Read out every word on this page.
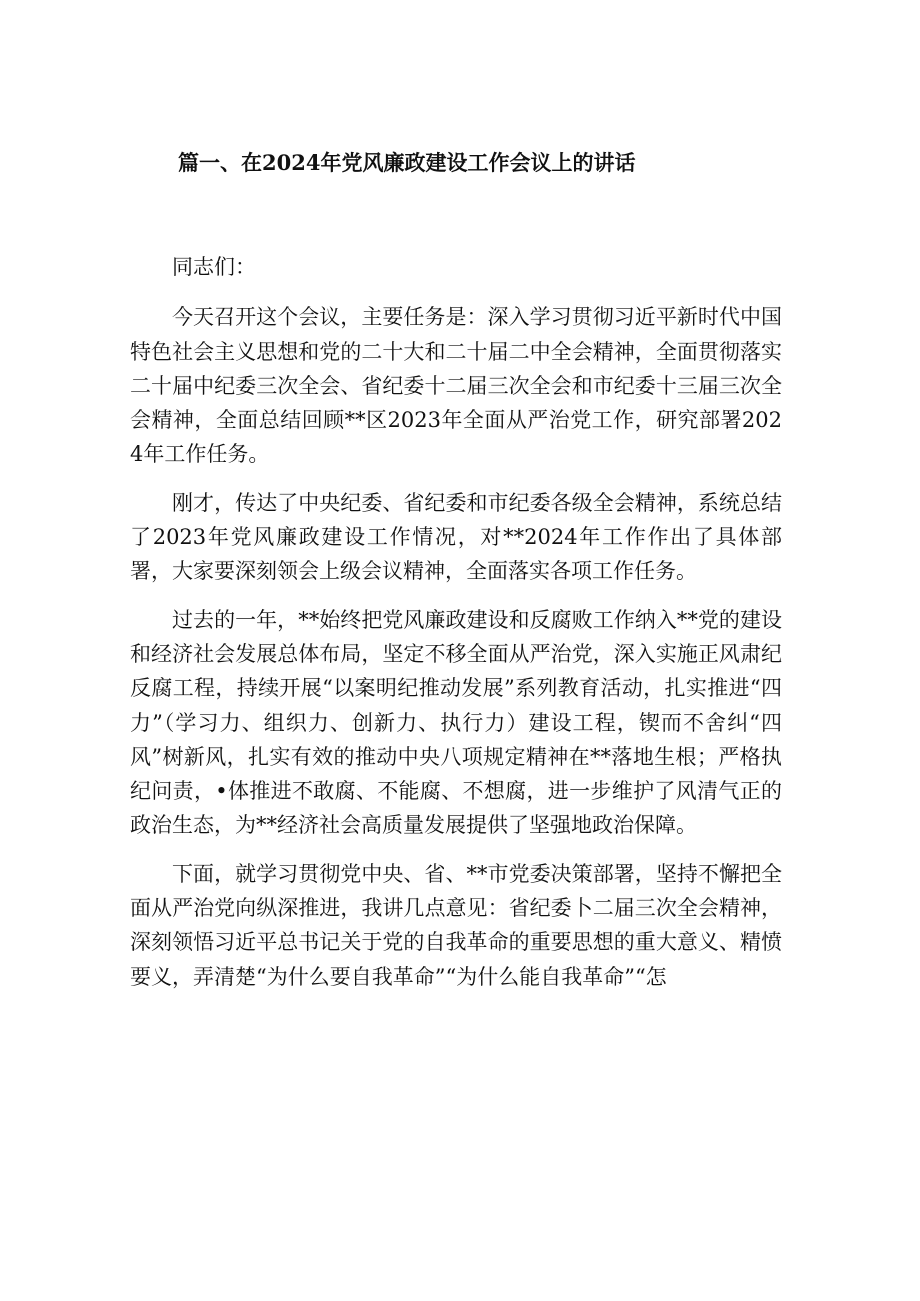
篇一、在2024年党风廉政建设工作会议上的讲话

同志们：

今天召开这个会议，主要任务是：深入学习贯彻习近平新时代中国特色社会主义思想和党的二十大和二十届二中全会精神，全面贯彻落实二十届中纪委三次全会、省纪委十二届三次全会和市纪委十三届三次全会精神，全面总结回顾**区2023年全面从严治党工作，研究部署2024年工作任务。

刚才，传达了中央纪委、省纪委和市纪委各级全会精神，系统总结了2023年党风廉政建设工作情况，对**2024年工作作出了具体部署，大家要深刻领会上级会议精神，全面落实各项工作任务。

过去的一年，**始终把党风廉政建设和反腐败工作纳入**党的建设和经济社会发展总体布局，坚定不移全面从严治党，深入实施正风肃纪反腐工程，持续开展“以案明纪推动发展”系列教育活动，扎实推进“四力”（学习力、组织力、创新力、执行力）建设工程，锲而不舍纠“四风”树新风，扎实有效的推动中央八项规定精神在**落地生根；严格执纪问责，•体推进不敢腐、不能腐、不想腐，进一步维护了风清气正的政治生态，为**经济社会高质量发展提供了坚强地政治保障。

下面，就学习贯彻党中央、省、**市党委决策部署，坚持不懈把全面从严治党向纵深推进，我讲几点意见：省纪委卜二届三次全会精神，深刻领悟习近平总书记关于党的自我革命的重要思想的重大意义、精愤要义，弄清楚“为什么要自我革命”“为什么能自我革命”“怎
